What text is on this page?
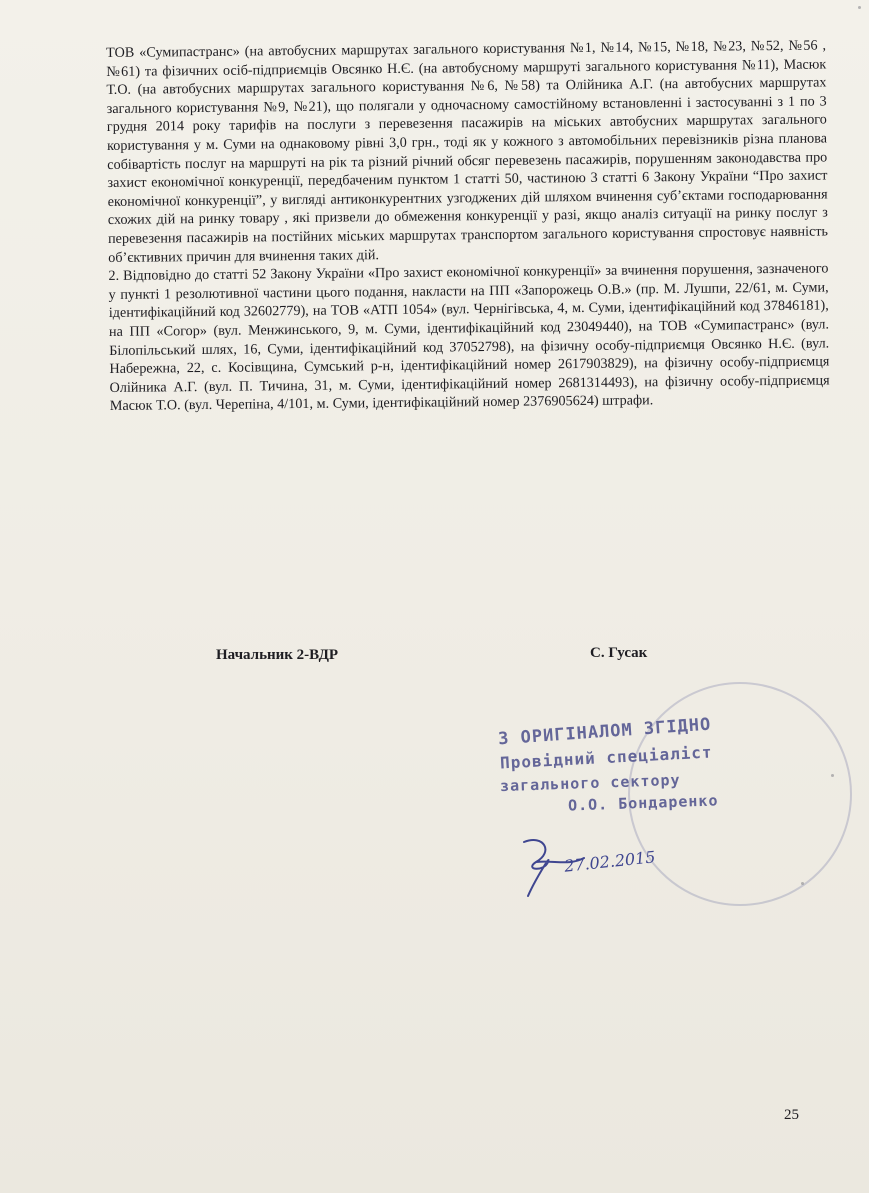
ТОВ «Сумипастранс» (на автобусних маршрутах загального користування №1, №14, №15, №18, №23, №52, №56 , №61) та фізичних осіб-підприємців Овсянко Н.Є. (на автобусному маршруті загального користування №11), Масюк Т.О. (на автобусних маршрутах загального користування №6, №58) та Олійника А.Г. (на автобусних маршрутах загального користування №9, №21), що полягали у одночасному самостійному встановленні і застосуванні з 1 по 3 грудня 2014 року тарифів на послуги з перевезення пасажирів на міських автобусних маршрутах загального користування у м. Суми на однаковому рівні 3,0 грн., тоді як у кожного з автомобільних перевізників різна планова собівартість послуг на маршруті на рік та різний річний обсяг перевезень пасажирів, порушенням законодавства про захист економічної конкуренції, передбаченим пунктом 1 статті 50, частиною 3 статті 6 Закону України “Про захист економічної конкуренції”, у вигляді антиконкурентних узгоджених дій шляхом вчинення суб’єктами господарювання схожих дій на ринку товару , які призвели до обмеження конкуренції у разі, якщо аналіз ситуації на ринку послуг з перевезення пасажирів на постійних міських маршрутах транспортом загального користування спростовує наявність об’єктивних причин для вчинення таких дій.

2. Відповідно до статті 52 Закону України «Про захист економічної конкуренції» за вчинення порушення, зазначеного у пункті 1 резолютивної частини цього подання, накласти на ПП «Запорожець О.В.» (пр. М. Лушпи, 22/61, м. Суми, ідентифікаційний код 32602779), на ТОВ «АТП 1054» (вул. Чернігівська, 4, м. Суми, ідентифікаційний код 37846181), на ПП «Согор» (вул. Менжинського, 9, м. Суми, ідентифікаційний код 23049440), на ТОВ «Сумипастранс» (вул. Білопільський шлях, 16, Суми, ідентифікаційний код 37052798), на фізичну особу-підприємця Овсянко Н.Є. (вул. Набережна, 22, с. Косівщина, Сумський р-н, ідентифікаційний номер 2617903829), на фізичну особу-підприємця Олійника А.Г. (вул. П. Тичина, 31, м. Суми, ідентифікаційний номер 2681314493), на фізичну особу-підприємця Масюк Т.О. (вул. Черепіна, 4/101, м. Суми, ідентифікаційний номер 2376905624) штрафи.

Начальник 2-ВДР	С. Гусак
З ОРИГІНАЛОМ ЗГІДНО
Провідний спеціаліст
загального сектору
О.О. Бондаренко
27.02.2015
25
